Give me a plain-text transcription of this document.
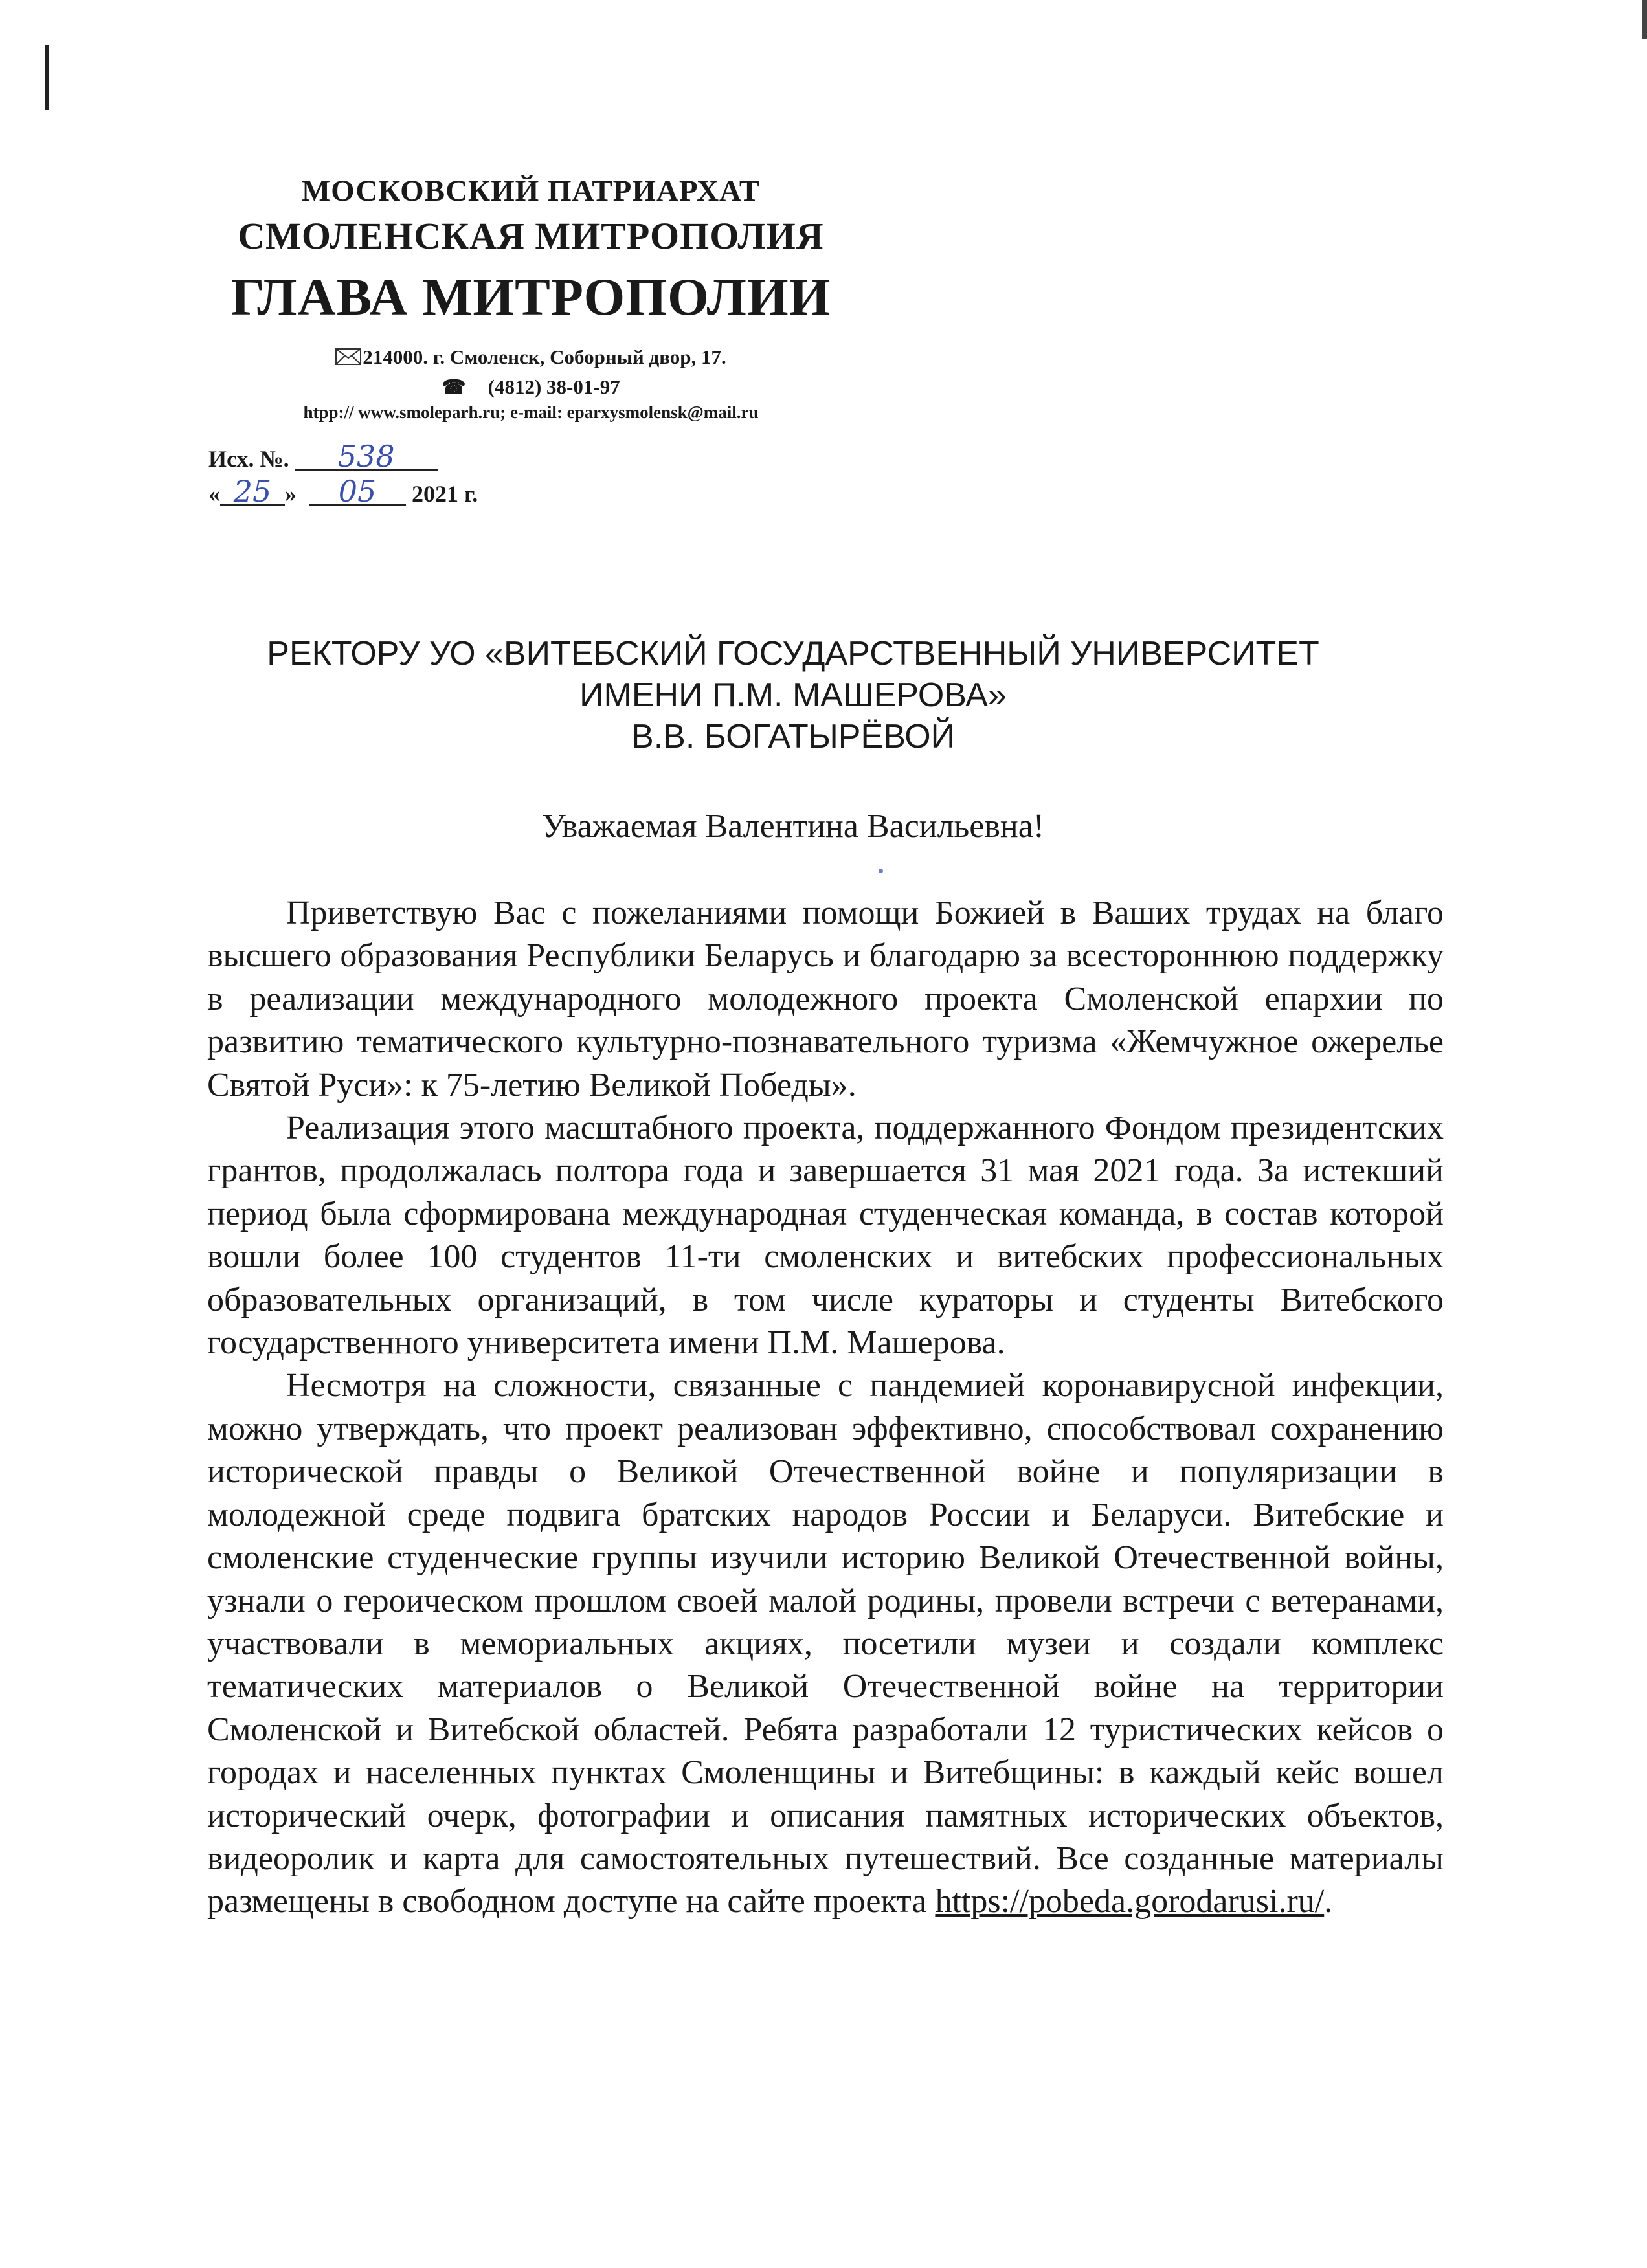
МОСКОВСКИЙ ПАТРИАРХАТ
СМОЛЕНСКАЯ МИТРОПОЛИЯ
ГЛАВА МИТРОПОЛИИ
214000. г. Смоленск, Соборный двор, 17.
☎ (4812) 38-01-97
htpp:// www.smoleparh.ru; e-mail: eparxysmolensk@mail.ru
Исх. №. 538
« 25 » 05 2021 г.
РЕКТОРУ УО «ВИТЕБСКИЙ ГОСУДАРСТВЕННЫЙ УНИВЕРСИТЕТ
ИМЕНИ П.М. МАШЕРОВА»
В.В. БОГАТЫРЁВОЙ
Уважаемая Валентина Васильевна!

Приветствую Вас с пожеланиями помощи Божией в Ваших трудах на благо высшего образования Республики Беларусь и благодарю за всестороннюю поддержку в реализации международного молодежного проекта Смоленской епархии по развитию тематического культурно-познавательного туризма «Жемчужное ожерелье Святой Руси»: к 75-летию Великой Победы».

Реализация этого масштабного проекта, поддержанного Фондом президентских грантов, продолжалась полтора года и завершается 31 мая 2021 года. За истекший период была сформирована международная студенческая команда, в состав которой вошли более 100 студентов 11-ти смоленских и витебских профессиональных образовательных организаций, в том числе кураторы и студенты Витебского государственного университета имени П.М. Машерова.

Несмотря на сложности, связанные с пандемией коронавирусной инфекции, можно утверждать, что проект реализован эффективно, способствовал сохранению исторической правды о Великой Отечественной войне и популяризации в молодежной среде подвига братских народов России и Беларуси. Витебские и смоленские студенческие группы изучили историю Великой Отечественной войны, узнали о героическом прошлом своей малой родины, провели встречи с ветеранами, участвовали в мемориальных акциях, посетили музеи и создали комплекс тематических материалов о Великой Отечественной войне на территории Смоленской и Витебской областей. Ребята разработали 12 туристических кейсов о городах и населенных пунктах Смоленщины и Витебщины: в каждый кейс вошел исторический очерк, фотографии и описания памятных исторических объектов, видеоролик и карта для самостоятельных путешествий. Все созданные материалы размещены в свободном доступе на сайте проекта https://pobeda.gorodarusi.ru/.
